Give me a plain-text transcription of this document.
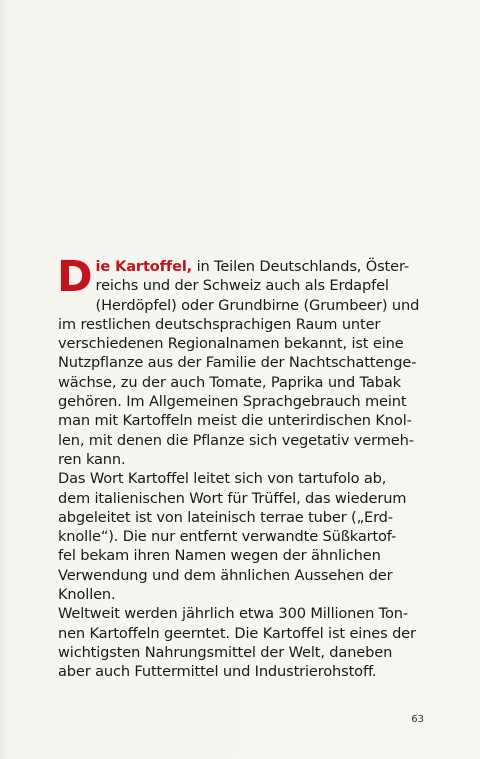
D ie Kartoffel, in Teilen Deutschlands, Öster-
reichs und der Schweiz auch als Erdapfel
(Herdöpfel) oder Grundbirne (Grumbeer) und
im restlichen deutschsprachigen Raum unter
verschiedenen Regionalnamen bekannt, ist eine
Nutzpflanze aus der Familie der Nachtschattenge-
wächse, zu der auch Tomate, Paprika und Tabak
gehören. Im Allgemeinen Sprachgebrauch meint
man mit Kartoffeln meist die unterirdischen Knol-
len, mit denen die Pflanze sich vegetativ vermeh-
ren kann.

Das Wort Kartoffel leitet sich von tartufolo ab,
dem italienischen Wort für Trüffel, das wiederum
abgeleitet ist von lateinisch terrae tuber („Erd-
knolle“). Die nur entfernt verwandte Süßkartof-
fel bekam ihren Namen wegen der ähnlichen
Verwendung und dem ähnlichen Aussehen der
Knollen.

Weltweit werden jährlich etwa 300 Millionen Ton-
nen Kartoffeln geerntet. Die Kartoffel ist eines der
wichtigsten Nahrungsmittel der Welt, daneben
aber auch Futtermittel und Industrierohstoff.

63
